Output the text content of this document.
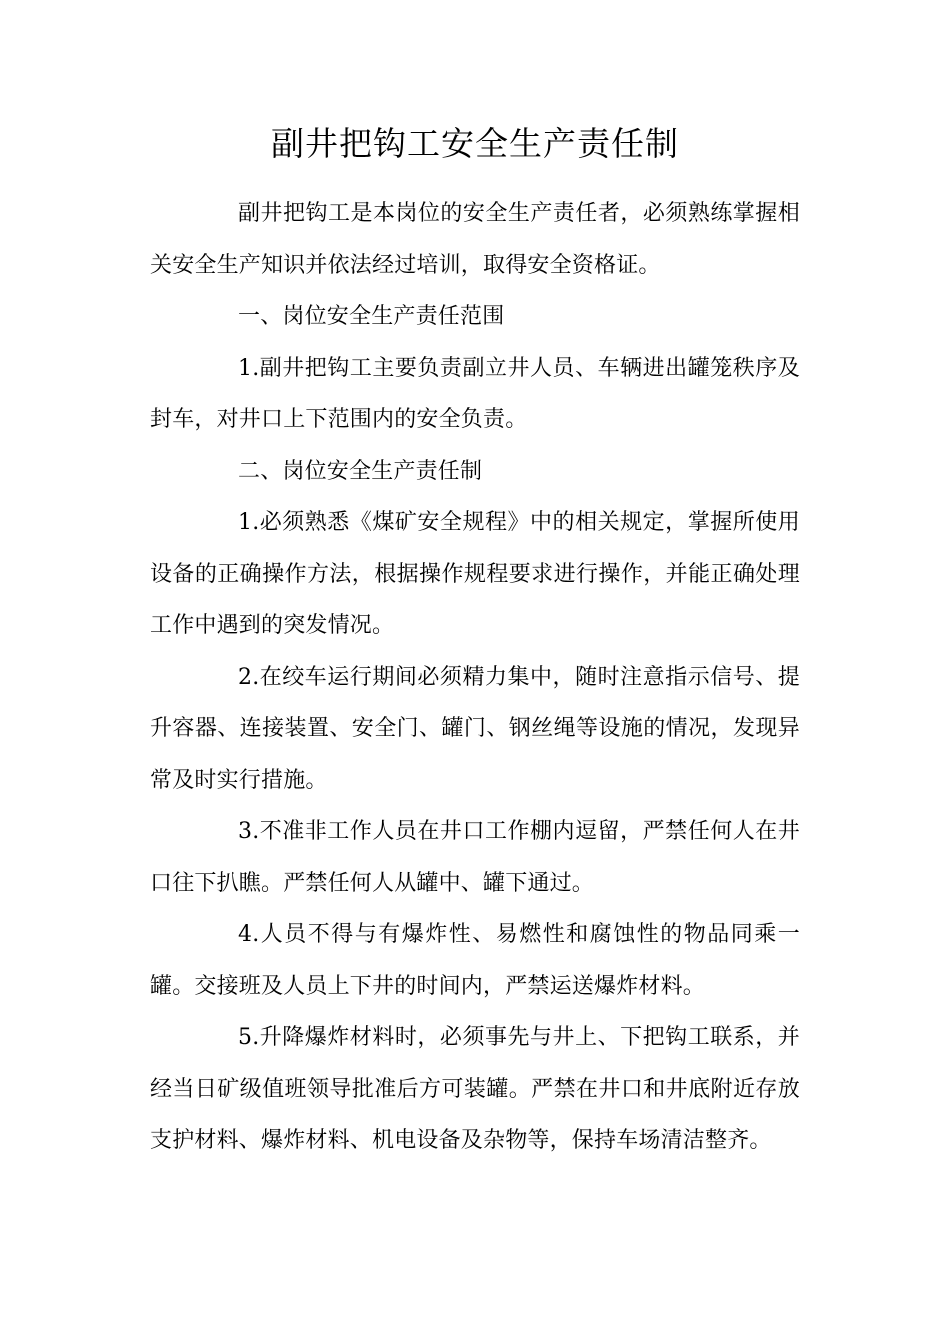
副井把钩工安全生产责任制

副井把钩工是本岗位的安全生产责任者，必须熟练掌握相关安全生产知识并依法经过培训，取得安全资格证。

一、岗位安全生产责任范围

1.副井把钩工主要负责副立井人员、车辆进出罐笼秩序及封车，对井口上下范围内的安全负责。

二、岗位安全生产责任制

1.必须熟悉《煤矿安全规程》中的相关规定，掌握所使用设备的正确操作方法，根据操作规程要求进行操作，并能正确处理工作中遇到的突发情况。

2.在绞车运行期间必须精力集中，随时注意指示信号、提升容器、连接装置、安全门、罐门、钢丝绳等设施的情况，发现异常及时实行措施。

3.不准非工作人员在井口工作棚内逗留，严禁任何人在井口往下扒瞧。严禁任何人从罐中、罐下通过。

4.人员不得与有爆炸性、易燃性和腐蚀性的物品同乘一罐。交接班及人员上下井的时间内，严禁运送爆炸材料。

5.升降爆炸材料时，必须事先与井上、下把钩工联系，并经当日矿级值班领导批准后方可装罐。严禁在井口和井底附近存放支护材料、爆炸材料、机电设备及杂物等，保持车场清洁整齐。
